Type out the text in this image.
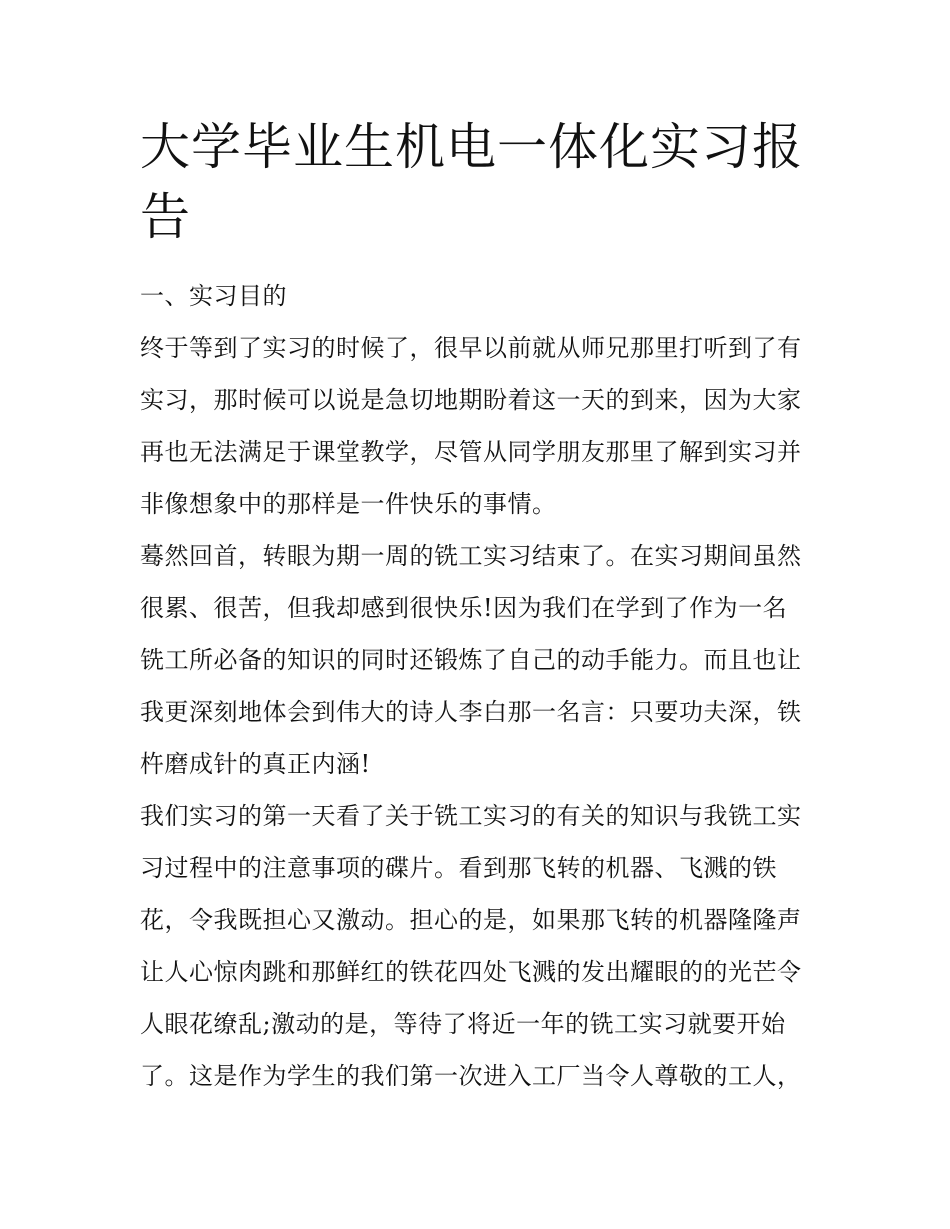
大学毕业生机电一体化实习报
告
一、实习目的
终于等到了实习的时候了，很早以前就从师兄那里打听到了有
实习，那时候可以说是急切地期盼着这一天的到来，因为大家
再也无法满足于课堂教学，尽管从同学朋友那里了解到实习并
非像想象中的那样是一件快乐的事情。
蓦然回首，转眼为期一周的铣工实习结束了。在实习期间虽然
很累、很苦，但我却感到很快乐!因为我们在学到了作为一名
铣工所必备的知识的同时还锻炼了自己的动手能力。而且也让
我更深刻地体会到伟大的诗人李白那一名言：只要功夫深，铁
杵磨成针的真正内涵!
我们实习的第一天看了关于铣工实习的有关的知识与我铣工实
习过程中的注意事项的碟片。看到那飞转的机器、飞溅的铁
花，令我既担心又激动。担心的是，如果那飞转的机器隆隆声
让人心惊肉跳和那鲜红的铁花四处飞溅的发出耀眼的的光芒令
人眼花缭乱;激动的是，等待了将近一年的铣工实习就要开始
了。这是作为学生的我们第一次进入工厂当令人尊敬的工人，
